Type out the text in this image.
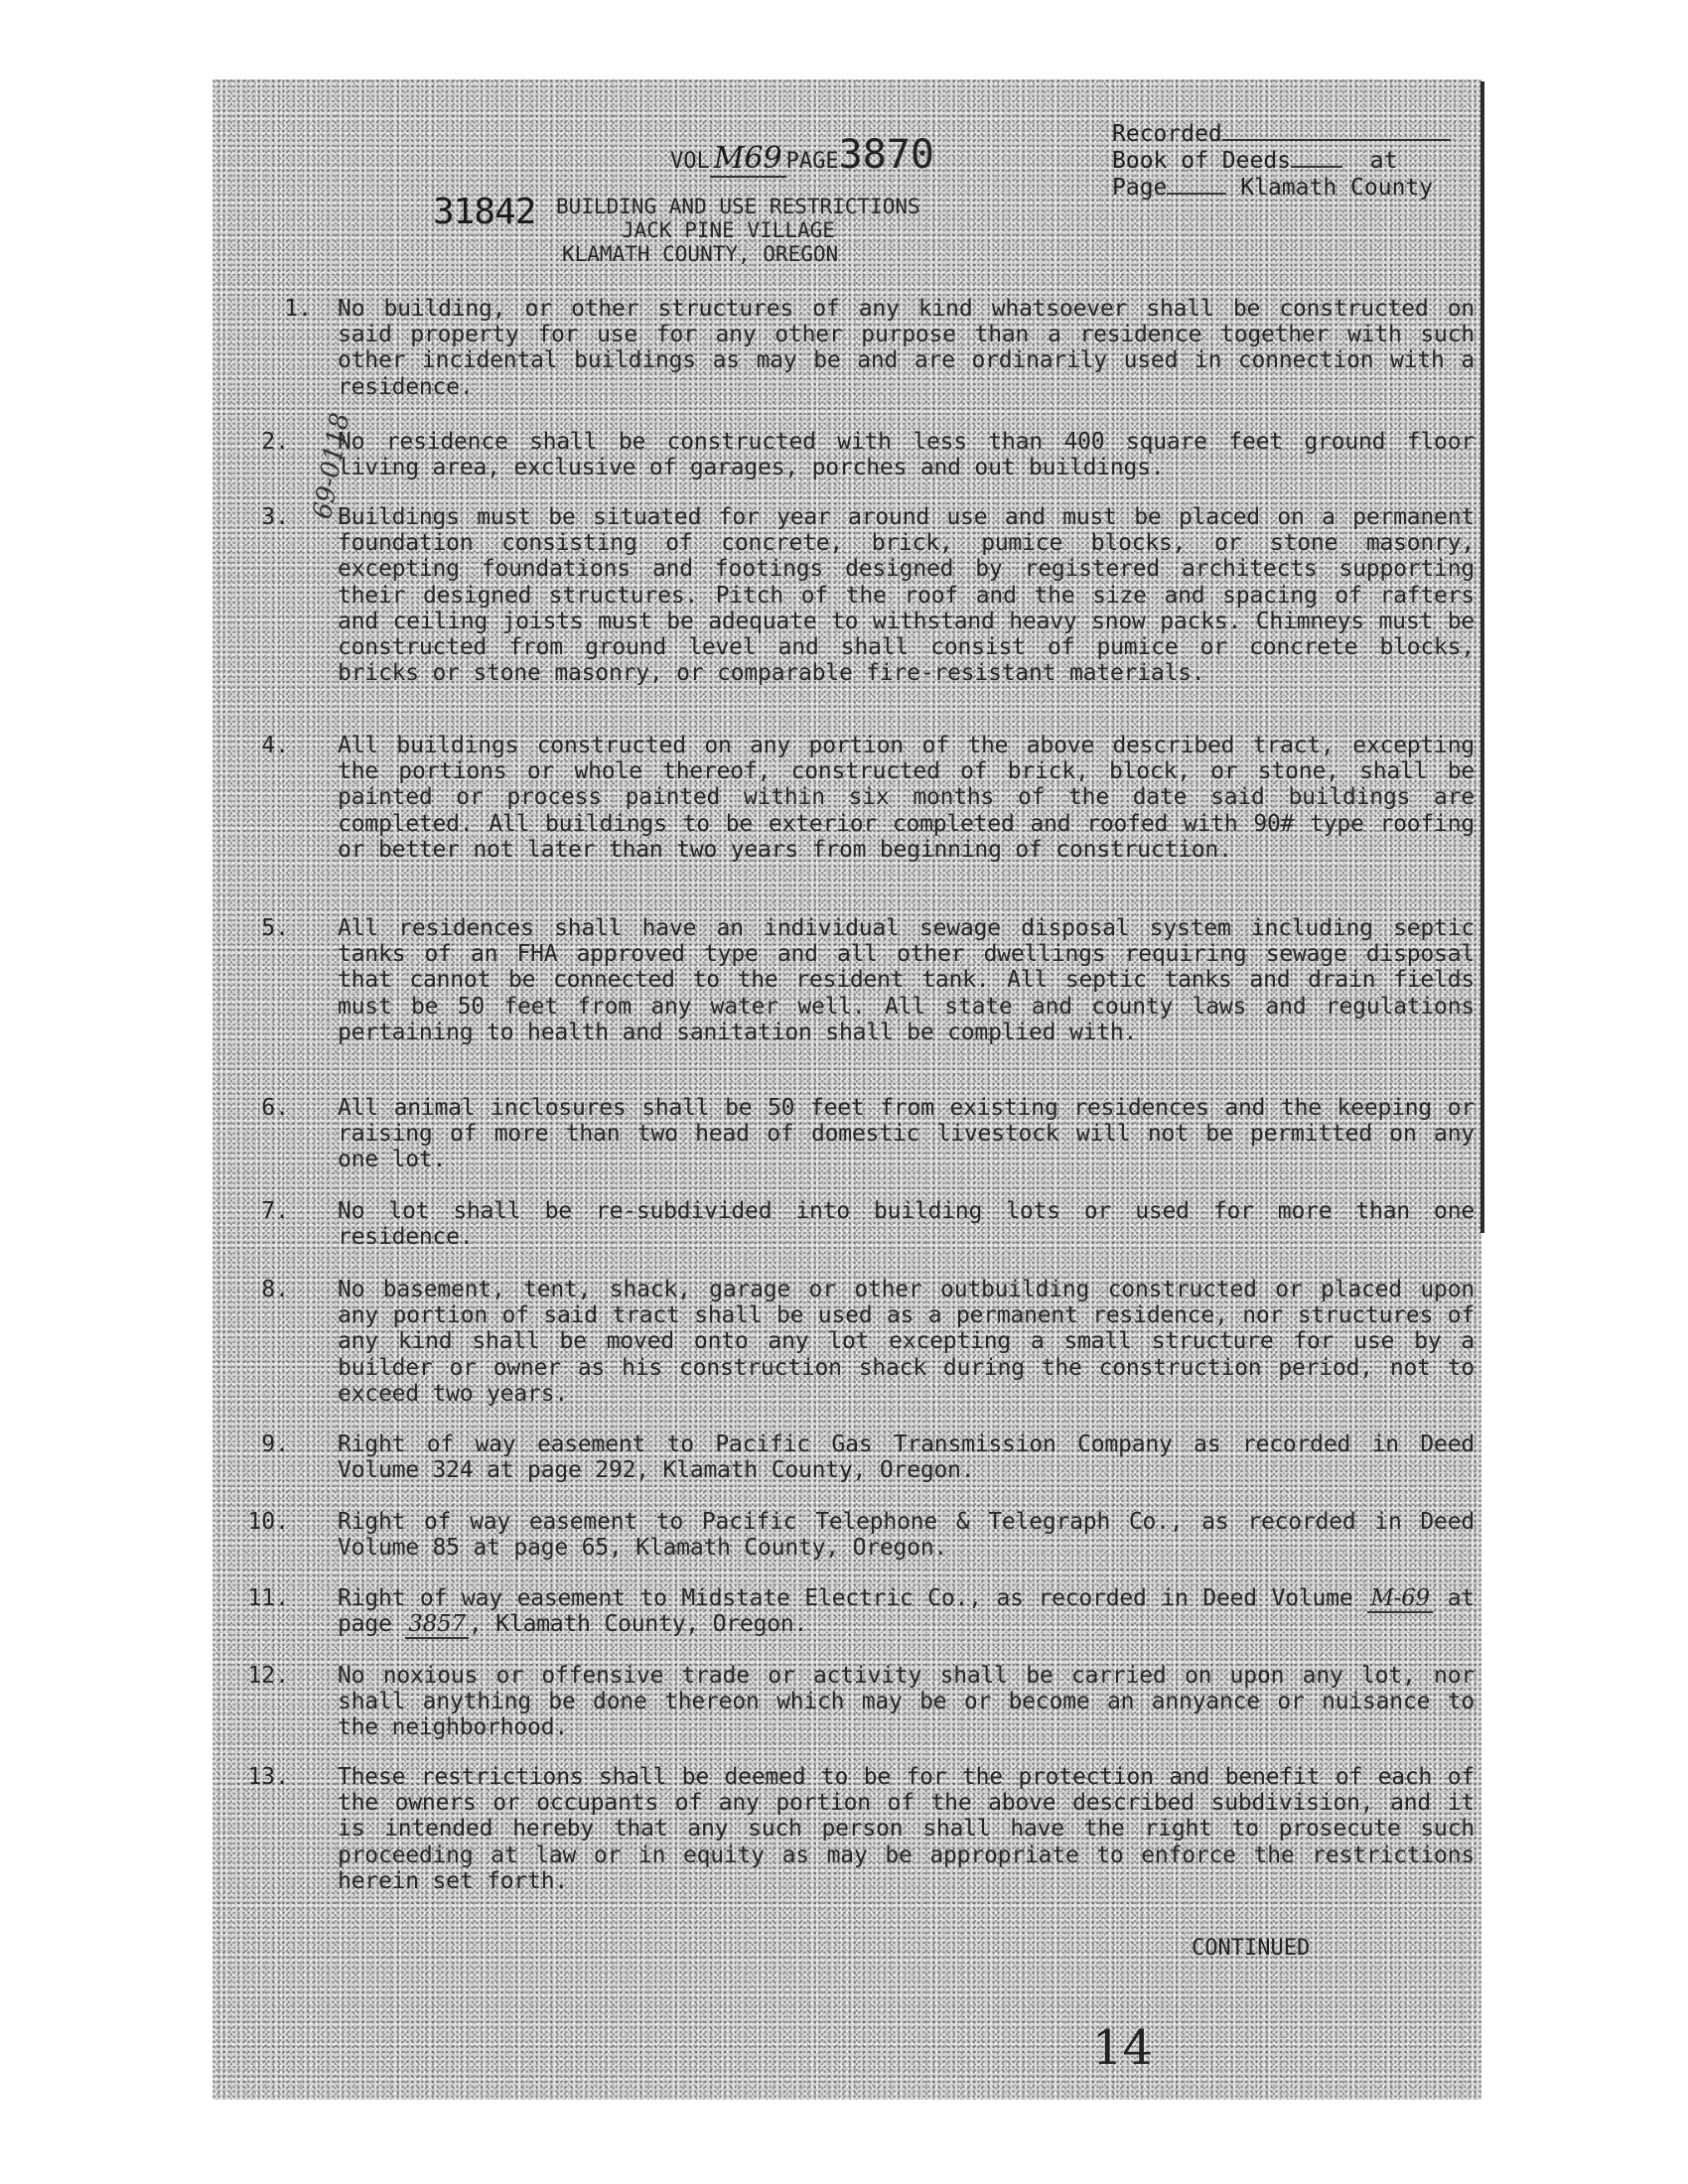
Recorded
Book of Deeds	at
Page	Klamath County
VOL M69 PAGE3870
31842 BUILDING AND USE RESTRICTIONS
JACK PINE VILLAGE
KLAMATH COUNTY, OREGON
69-0118
1. No building, or other structures of any kind whatsoever shall be constructed on said property for use for any other purpose than a residence together with such other incidental buildings as may be and are ordinarily used in connection with a residence.
2. No residence shall be constructed with less than 400 square feet ground floor living area, exclusive of garages, porches and out buildings.
3. Buildings must be situated for year around use and must be placed on a permanent foundation consisting of concrete, brick, pumice blocks, or stone masonry, excepting foundations and footings designed by registered architects supporting their designed structures. Pitch of the roof and the size and spacing of rafters and ceiling joists must be adequate to withstand heavy snow packs. Chimneys must be constructed from ground level and shall consist of pumice or concrete blocks, bricks or stone masonry, or comparable fire-resistant materials.
4. All buildings constructed on any portion of the above described tract, excepting the portions or whole thereof, constructed of brick, block, or stone, shall be painted or process painted within six months of the date said buildings are completed. All buildings to be exterior completed and roofed with 90# type roofing or better not later than two years from beginning of construction.
5. All residences shall have an individual sewage disposal system including septic tanks of an FHA approved type and all other dwellings requiring sewage disposal that cannot be connected to the resident tank. All septic tanks and drain fields must be 50 feet from any water well. All state and county laws and regulations pertaining to health and sanitation shall be complied with.
6. All animal inclosures shall be 50 feet from existing residences and the keeping or raising of more than two head of domestic livestock will not be permitted on any one lot.
7. No lot shall be re-subdivided into building lots or used for more than one residence.
8. No basement, tent, shack, garage or other outbuilding constructed or placed upon any portion of said tract shall be used as a permanent residence, nor structures of any kind shall be moved onto any lot excepting a small structure for use by a builder or owner as his construction shack during the construction period, not to exceed two years.
9. Right of way easement to Pacific Gas Transmission Company as recorded in Deed Volume 324 at page 292, Klamath County, Oregon.
10. Right of way easement to Pacific Telephone & Telegraph Co., as recorded in Deed Volume 85 at page 65, Klamath County, Oregon.
11. Right of way easement to Midstate Electric Co., as recorded in Deed Volume M-69 at page 3857 , Klamath County, Oregon.
12. No noxious or offensive trade or activity shall be carried on upon any lot, nor shall anything be done thereon which may be or become an annyance or nuisance to the neighborhood.
13. These restrictions shall be deemed to be for the protection and benefit of each of the owners or occupants of any portion of the above described subdivision, and it is intended hereby that any such person shall have the right to prosecute such proceeding at law or in equity as may be appropriate to enforce the restrictions herein set forth.
CONTINUED
14
